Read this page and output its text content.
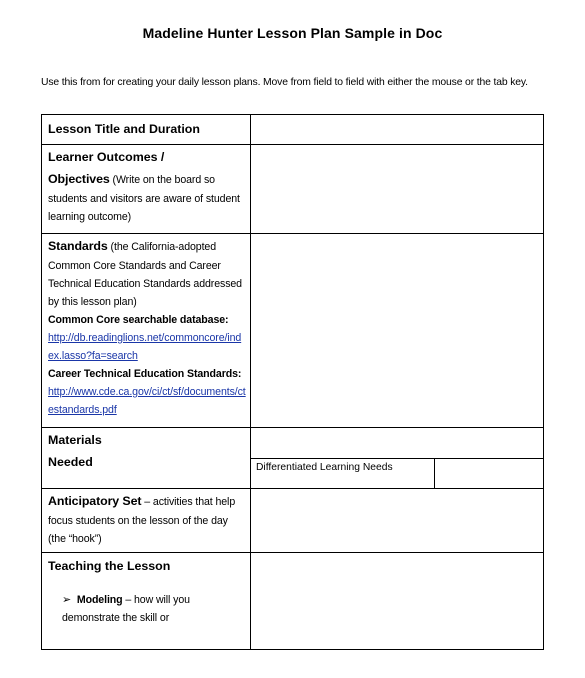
Madeline Hunter Lesson Plan Sample in Doc
Use this from for creating your daily lesson plans. Move from field to field with either the mouse or the tab key.
Lesson Title and Duration
Learner Outcomes /
Objectives (Write on the board so
students and visitors are aware of student learning outcome)
Standards (the California-adopted Common Core Standards and Career Technical Education Standards addressed by this lesson plan)
Common Core searchable database:
http://db.readinglions.net/commoncore/index.lasso?fa=search
Career Technical Education Standards:
http://www.cde.ca.gov/ci/ct/sf/documents/ctestandards.pdf
Materials
Needed	Differentiated Learning Needs
Anticipatory Set – activities that help focus students on the lesson of the day (the “hook”)
Teaching the Lesson
➢ Modeling – how will you demonstrate the skill or
